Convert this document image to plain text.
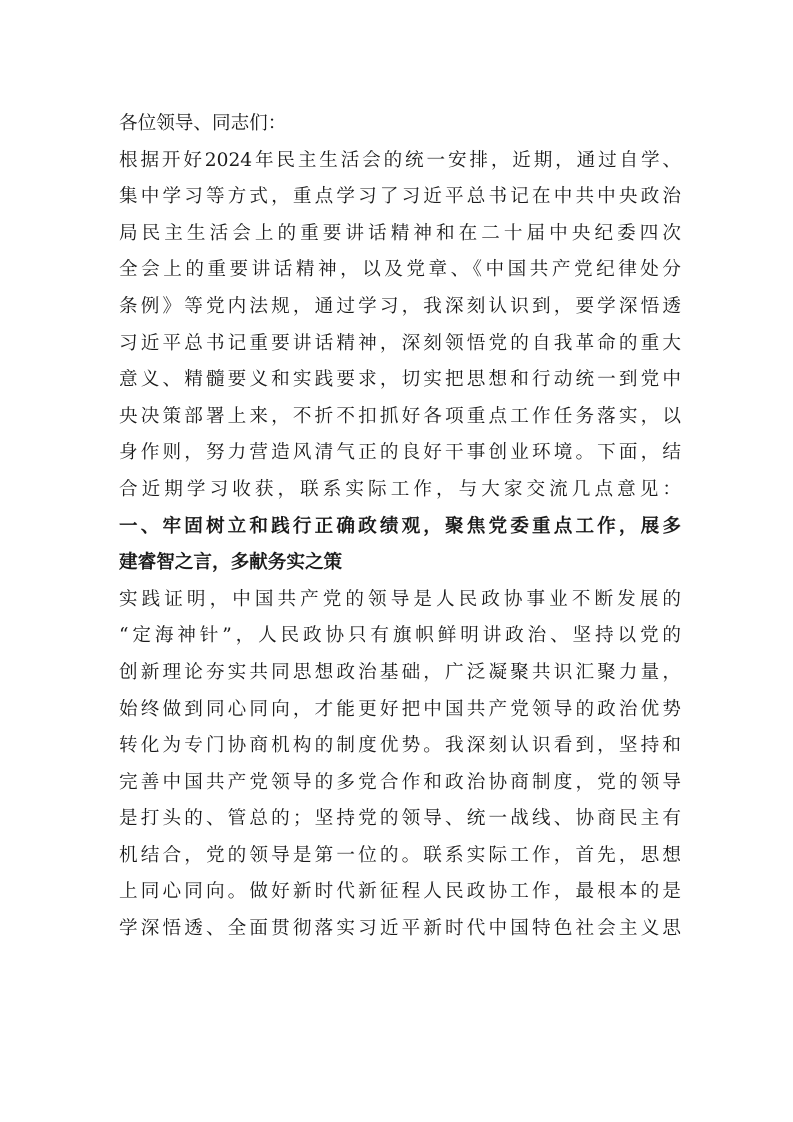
各位领导、同志们：
根据开好2024年民主生活会的统一安排，近期，通过自学、
集中学习等方式，重点学习了习近平总书记在中共中央政治
局民主生活会上的重要讲话精神和在二十届中央纪委四次
全会上的重要讲话精神，以及党章、《中国共产党纪律处分
条例》等党内法规，通过学习，我深刻认识到，要学深悟透
习近平总书记重要讲话精神，深刻领悟党的自我革命的重大
意义、精髓要义和实践要求，切实把思想和行动统一到党中
央决策部署上来，不折不扣抓好各项重点工作任务落实，以
身作则，努力营造风清气正的良好干事创业环境。下面，结
合近期学习收获，联系实际工作，与大家交流几点意见：
一、牢固树立和践行正确政绩观，聚焦党委重点工作，展多
建睿智之言，多献务实之策
实践证明，中国共产党的领导是人民政协事业不断发展的
“定海神针”，人民政协只有旗帜鲜明讲政治、坚持以党的
创新理论夯实共同思想政治基础，广泛凝聚共识汇聚力量，
始终做到同心同向，才能更好把中国共产党领导的政治优势
转化为专门协商机构的制度优势。我深刻认识看到，坚持和
完善中国共产党领导的多党合作和政治协商制度，党的领导
是打头的、管总的；坚持党的领导、统一战线、协商民主有
机结合，党的领导是第一位的。联系实际工作，首先，思想
上同心同向。做好新时代新征程人民政协工作，最根本的是
学深悟透、全面贯彻落实习近平新时代中国特色社会主义思
